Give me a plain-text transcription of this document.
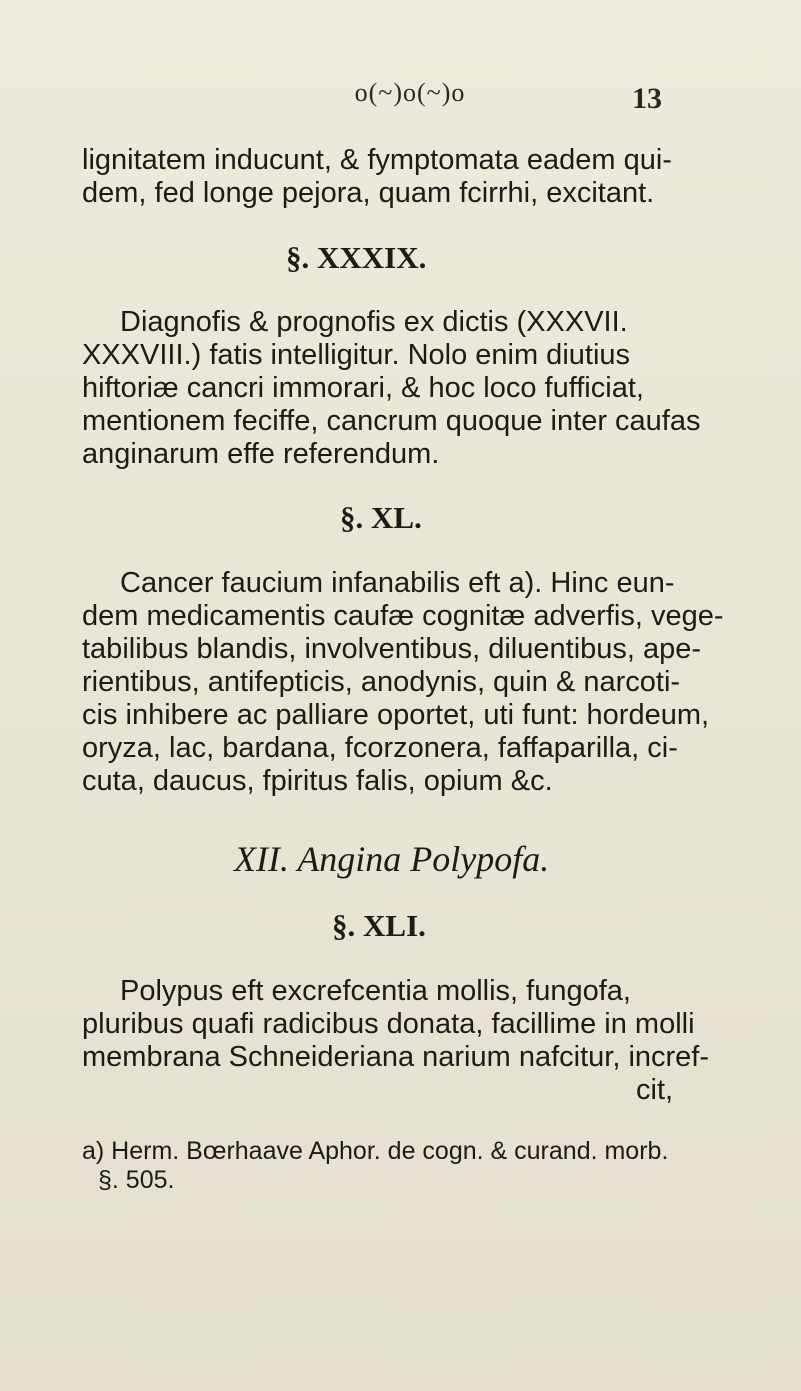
o(~)o(~)o	13
lignitatem inducunt, & fymptomata eadem qui-
dem, fed longe pejora, quam fcirrhi, excitant.
§. XXXIX.
Diagnofis & prognofis ex dictis (XXXVII.
XXXVIII.) fatis intelligitur. Nolo enim diutius
hiftoriæ cancri immorari, & hoc loco fufficiat,
mentionem feciffe, cancrum quoque inter caufas
anginarum effe referendum.
§. XL.
Cancer faucium infanabilis eft a). Hinc eun-
dem medicamentis caufæ cognitæ adverfis, vege-
tabilibus blandis, involventibus, diluentibus, ape-
rientibus, antifepticis, anodynis, quin & narcoti-
cis inhibere ac palliare oportet, uti funt: hordeum,
oryza, lac, bardana, fcorzonera, faffaparilla, ci-
cuta, daucus, fpiritus falis, opium &c.
XII. Angina Polypofa.
§. XLI.
Polypus eft excrefcentia mollis, fungofa,
pluribus quafi radicibus donata, facillime in molli
membrana Schneideriana narium nafcitur, incref-
cit,
a) Herm. Bœrhaave Aphor. de cogn. & curand. morb.
§. 505.
